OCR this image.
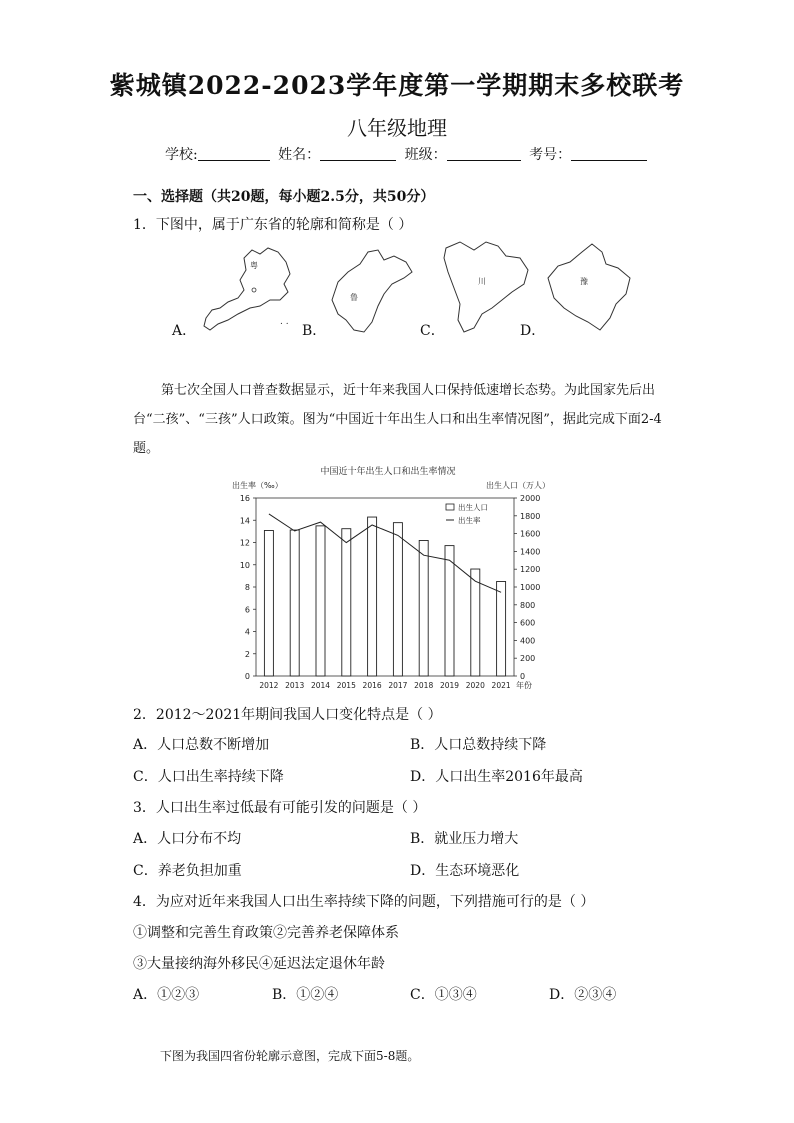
紫城镇2022-2023学年度第一学期期末多校联考
八年级地理
学校:	姓名：	班级：	考号：
一、选择题（共20题，每小题2.5分，共50分）
1．下图中，属于广东省的轮廓和简称是（ ）
A．
粤
. .
B．
鲁
C．
川
D．
豫
第七次全国人口普查数据显示，近十年来我国人口保持低速增长态势。为此国家先后出台“二孩”、“三孩”人口政策。图为“中国近十年出生人口和出生率情况图”，据此完成下面2-4题。
中国近十年出生人口和出生率情况
出生率（‰）	出生人口（万人）
0
2
4
6
8
10
12
14
16
0
200
400
600
800
1000
1200
1400
1600
1800
2000
2012 2013 2014 2015 2016 2017 2018 2019 2020 2021 年份
出生人口
出生率
2．2012～2021年期间我国人口变化特点是（ ）
A．人口总数不断增加	B．人口总数持续下降
C．人口出生率持续下降	D．人口出生率2016年最高
3．人口出生率过低最有可能引发的问题是（ ）
A．人口分布不均	B．就业压力增大
C．养老负担加重	D．生态环境恶化
4．为应对近年来我国人口出生率持续下降的问题，下列措施可行的是（ ）
①调整和完善生育政策②完善养老保障体系
③大量接纳海外移民④延迟法定退休年龄
A．①②③	B．①②④	C．①③④	D．②③④
下图为我国四省份轮廓示意图，完成下面5-8题。
